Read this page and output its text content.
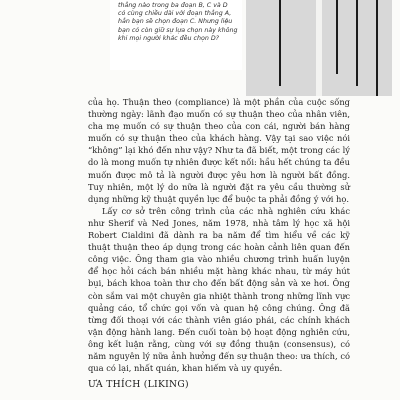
thẳng nào trong ba đoạn B, C và D
có cùng chiều dài với đoạn thẳng A,
hẳn bạn sẽ chọn đoạn C. Nhưng liệu
bạn có còn giữ sự lựa chọn này không
khi mọi người khác đều chọn D?

của họ. Thuận theo (compliance) là một phần của cuộc sống thường ngày: lãnh đạo muốn có sự thuận theo của nhân viên, cha mẹ muốn có sự thuận theo của con cái, người bán hàng muốn có sự thuận theo của khách hàng. Vậy tại sao việc nói “không” lại khó đến như vậy? Như ta đã biết, một trong các lý do là mong muốn tự nhiên được kết nối: hầu hết chúng ta đều muốn được mô tả là người được yêu hơn là người bất đồng. Tuy nhiên, một lý do nữa là người đặt ra yêu cầu thường sử dụng những kỹ thuật quyền lực để buộc ta phải đồng ý với họ.

Lấy cơ sở trên công trình của các nhà nghiên cứu khác như Sherif và Ned Jones, năm 1978, nhà tâm lý học xã hội Robert Cialdini đã dành ra ba năm để tìm hiểu về các kỹ thuật thuận theo áp dụng trong các hoàn cảnh liên quan đến công việc. Ông tham gia vào nhiều chương trình huấn luyện để học hỏi cách bán nhiều mặt hàng khác nhau, từ máy hút bụi, bách khoa toàn thư cho đến bất động sản và xe hơi. Ông còn sắm vai một chuyên gia nhiệt thành trong những lĩnh vực quảng cáo, tổ chức gọi vốn và quan hệ công chúng. Ông đã từng đối thoại với các thành viên giáo phái, các chính khách vận động hành lang. Đến cuối toàn bộ hoạt động nghiên cứu, ông kết luận rằng, cùng với sự đồng thuận (consensus), có năm nguyên lý nữa ảnh hưởng đến sự thuận theo: ưa thích, có qua có lại, nhất quán, khan hiếm và uy quyền.

ƯA THÍCH (LIKING)
